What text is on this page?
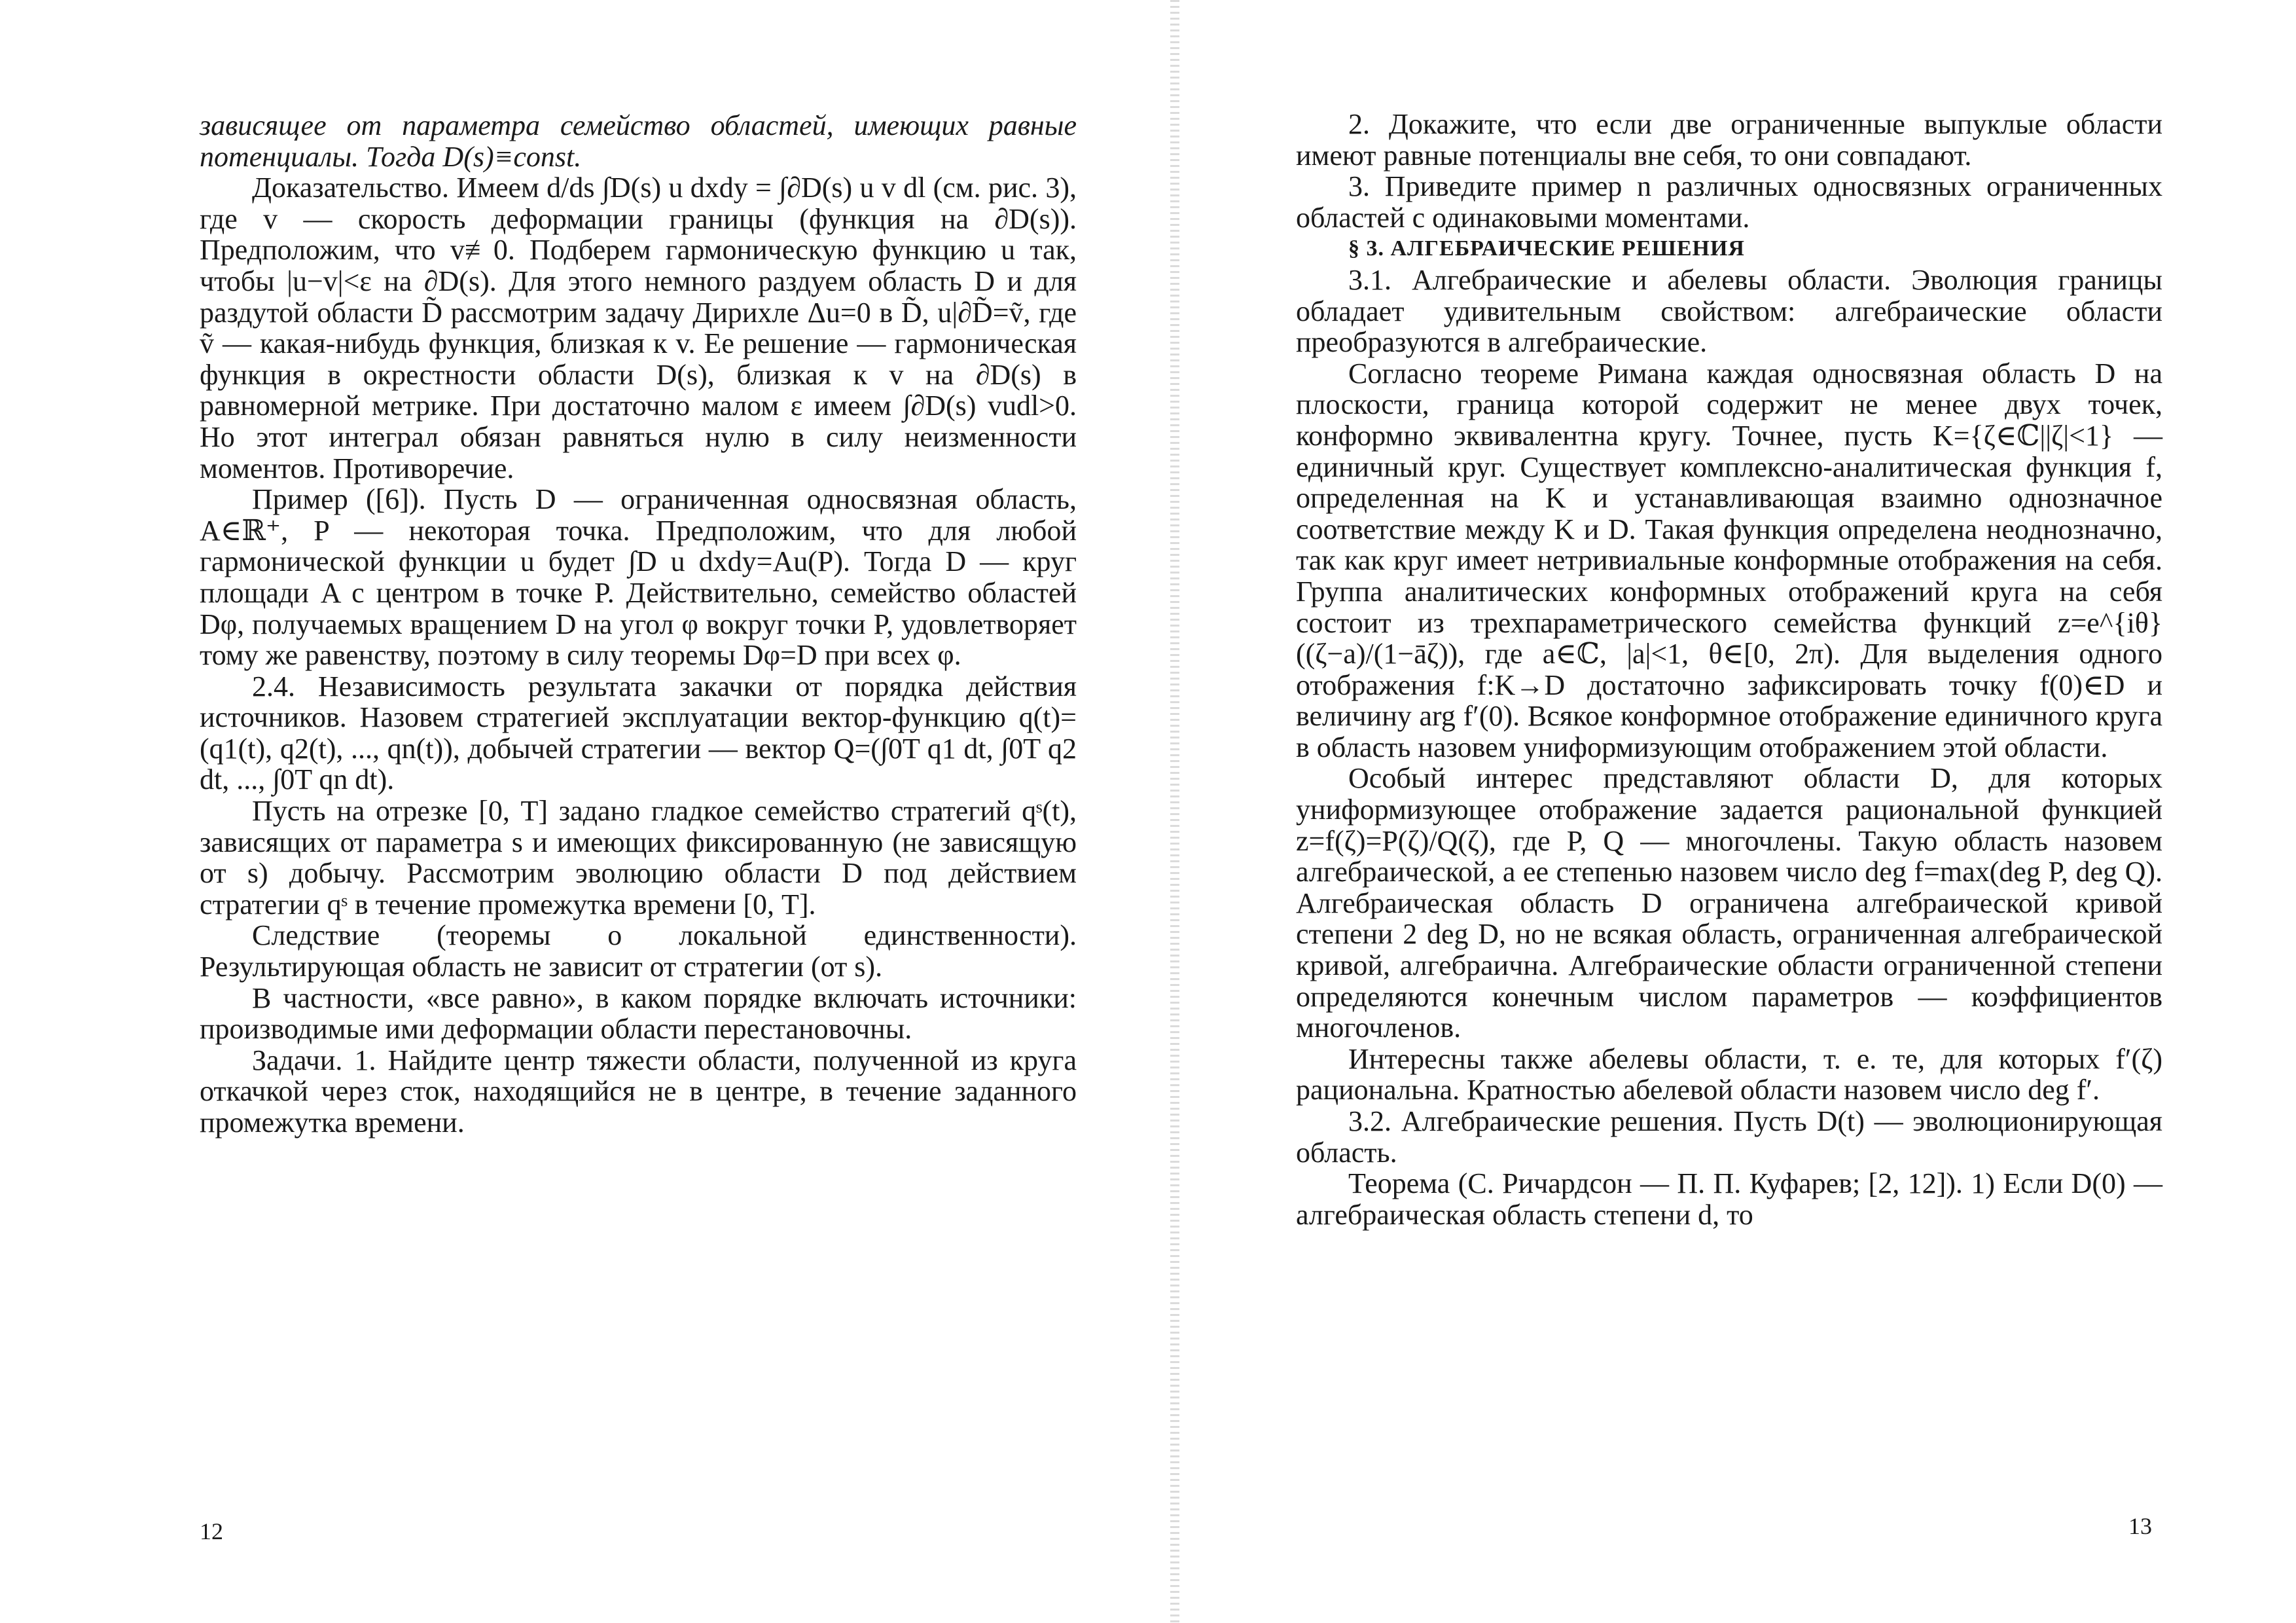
зависящее от параметра семейство областей, имеющих равные потенциалы. Тогда D(s)≡const.

Доказательство. Имеем d/ds ∫D(s) u dxdy = ∫∂D(s) u v dl (см. рис. 3), где v — скорость деформации границы (функция на ∂D(s)). Предположим, что v≢0. Подберем гармоническую функцию u так, чтобы |u−v|<ε на ∂D(s). Для этого немного раздуем область D и для раздутой области D̃ рассмотрим задачу Дирихле Δu=0 в D̃, u|∂D̃=ṽ, где ṽ — какая-нибудь функция, близкая к v. Ее решение — гармоническая функция в окрестности области D(s), близкая к v на ∂D(s) в равномерной метрике. При достаточно малом ε имеем ∫∂D(s) vudl>0. Но этот интеграл обязан равняться нулю в силу неизменности моментов. Противоречие.

Пример ([6]). Пусть D — ограниченная односвязная область, A∈ℝ⁺, P — некоторая точка. Предположим, что для любой гармонической функции u будет ∫D u dxdy=Au(P). Тогда D — круг площади A с центром в точке P. Действительно, семейство областей Dφ, получаемых вращением D на угол φ вокруг точки P, удовлетворяет тому же равенству, поэтому в силу теоремы Dφ=D при всех φ.

2.4. Независимость результата закачки от порядка действия источников. Назовем стратегией эксплуатации вектор-функцию q(t)=(q1(t), q2(t), ..., qn(t)), добычей стратегии — вектор Q=(∫0T q1 dt, ∫0T q2 dt, ..., ∫0T qn dt).

Пусть на отрезке [0, T] задано гладкое семейство стратегий qˢ(t), зависящих от параметра s и имеющих фиксированную (не зависящую от s) добычу. Рассмотрим эволюцию области D под действием стратегии qˢ в течение промежутка времени [0, T].

Следствие (теоремы о локальной единственности). Результирующая область не зависит от стратегии (от s).

В частности, «все равно», в каком порядке включать источники: производимые ими деформации области перестановочны.

Задачи. 1. Найдите центр тяжести области, полученной из круга откачкой через сток, находящийся не в центре, в течение заданного промежутка времени.

12

2. Докажите, что если две ограниченные выпуклые области имеют равные потенциалы вне себя, то они совпадают.

3. Приведите пример n различных односвязных ограниченных областей с одинаковыми моментами.

§ 3. АЛГЕБРАИЧЕСКИЕ РЕШЕНИЯ

3.1. Алгебраические и абелевы области. Эволюция границы обладает удивительным свойством: алгебраические области преобразуются в алгебраические.

Согласно теореме Римана каждая односвязная область D на плоскости, граница которой содержит не менее двух точек, конформно эквивалентна кругу. Точнее, пусть K={ζ∈ℂ||ζ|<1} — единичный круг. Существует комплексно-аналитическая функция f, определенная на K и устанавливающая взаимно однозначное соответствие между K и D. Такая функция определена неоднозначно, так как круг имеет нетривиальные конформные отображения на себя. Группа аналитических конформных отображений круга на себя состоит из трехпараметрического семейства функций z=e^{iθ}((ζ−a)/(1−āζ)), где a∈ℂ, |a|<1, θ∈[0, 2π). Для выделения одного отображения f:K→D достаточно зафиксировать точку f(0)∈D и величину arg f′(0). Всякое конформное отображение единичного круга в область назовем униформизующим отображением этой области.

Особый интерес представляют области D, для которых униформизующее отображение задается рациональной функцией z=f(ζ)=P(ζ)/Q(ζ), где P, Q — многочлены. Такую область назовем алгебраической, а ее степенью назовем число deg f=max(deg P, deg Q). Алгебраическая область D ограничена алгебраической кривой степени 2 deg D, но не всякая область, ограниченная алгебраической кривой, алгебраична. Алгебраические области ограниченной степени определяются конечным числом параметров — коэффициентов многочленов.

Интересны также абелевы области, т. е. те, для которых f′(ζ) рациональна. Кратностью абелевой области назовем число deg f′.

3.2. Алгебраические решения. Пусть D(t) — эволюционирующая область.

Теорема (С. Ричардсон — П. П. Куфарев; [2, 12]). 1) Если D(0) — алгебраическая область степени d, то

13
